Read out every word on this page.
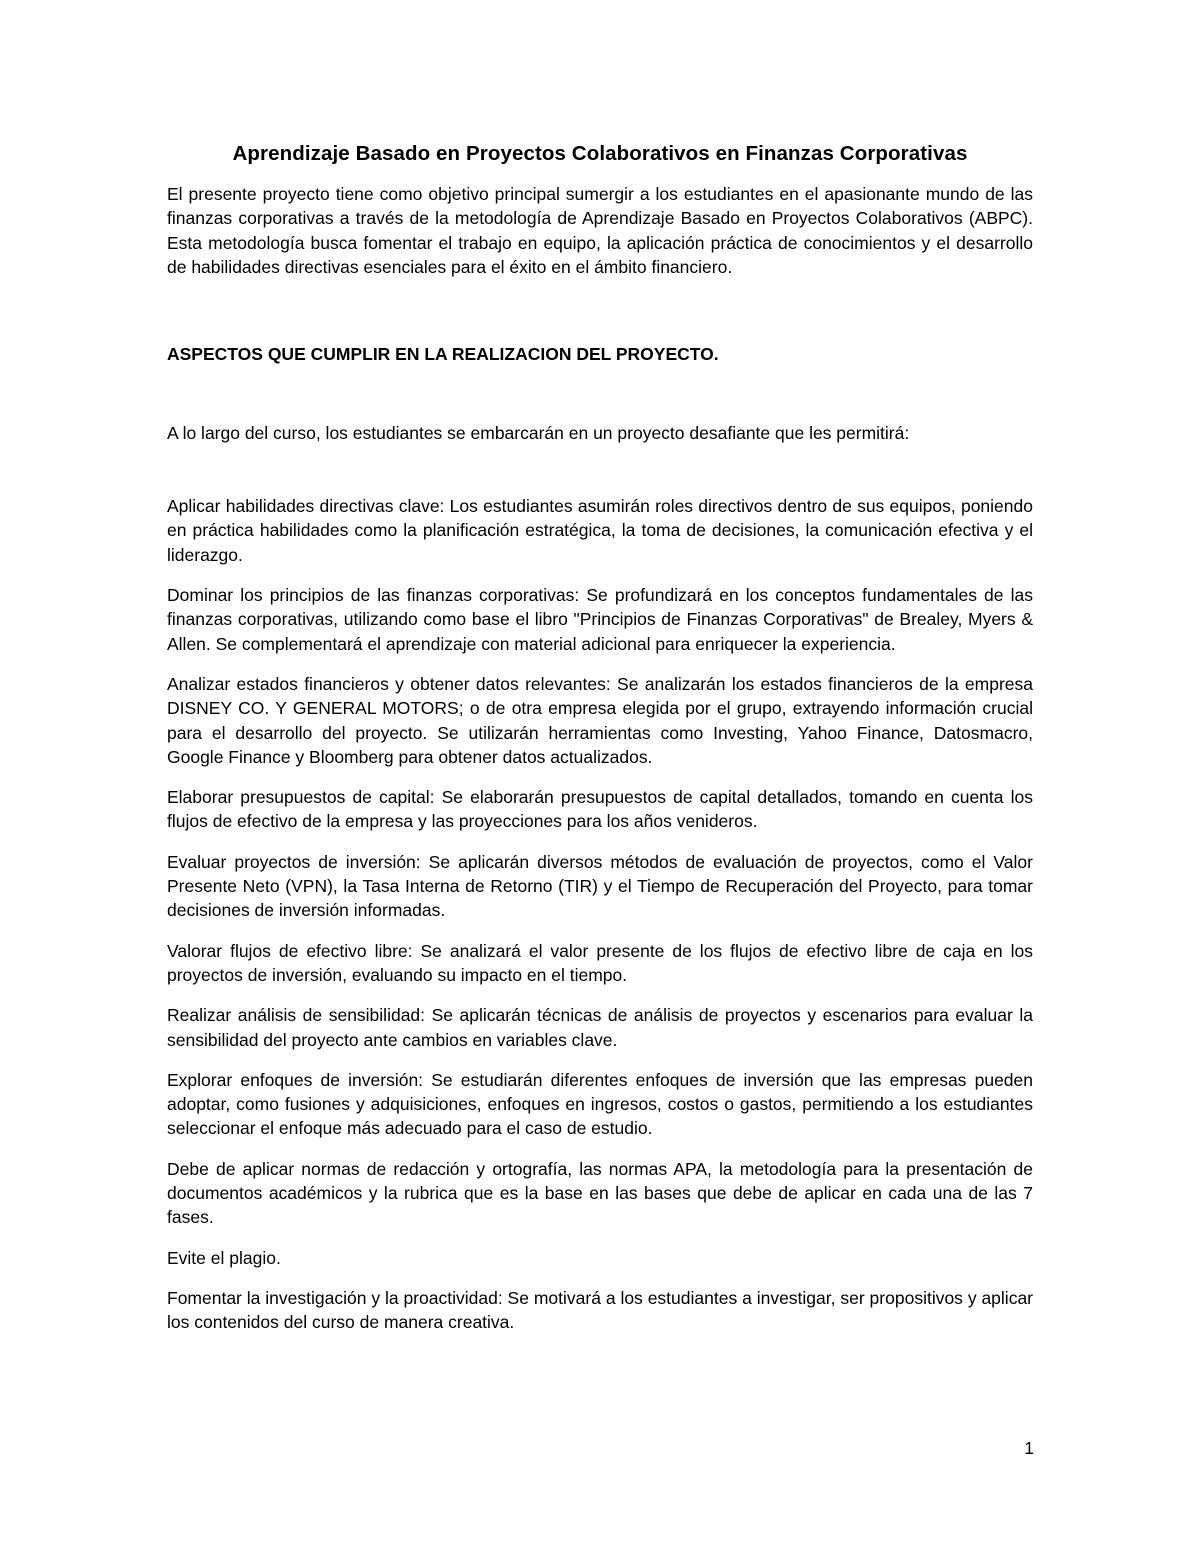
Aprendizaje Basado en Proyectos Colaborativos en Finanzas Corporativas

El presente proyecto tiene como objetivo principal sumergir a los estudiantes en el apasionante mundo de las finanzas corporativas a través de la metodología de Aprendizaje Basado en Proyectos Colaborativos (ABPC). Esta metodología busca fomentar el trabajo en equipo, la aplicación práctica de conocimientos y el desarrollo de habilidades directivas esenciales para el éxito en el ámbito financiero.

ASPECTOS QUE CUMPLIR EN LA REALIZACION DEL PROYECTO.

A lo largo del curso, los estudiantes se embarcarán en un proyecto desafiante que les permitirá:

Aplicar habilidades directivas clave: Los estudiantes asumirán roles directivos dentro de sus equipos, poniendo en práctica habilidades como la planificación estratégica, la toma de decisiones, la comunicación efectiva y el liderazgo.

Dominar los principios de las finanzas corporativas: Se profundizará en los conceptos fundamentales de las finanzas corporativas, utilizando como base el libro "Principios de Finanzas Corporativas" de Brealey, Myers & Allen. Se complementará el aprendizaje con material adicional para enriquecer la experiencia.

Analizar estados financieros y obtener datos relevantes: Se analizarán los estados financieros de la empresa DISNEY CO. Y GENERAL MOTORS; o de otra empresa elegida por el grupo, extrayendo información crucial para el desarrollo del proyecto. Se utilizarán herramientas como Investing, Yahoo Finance, Datosmacro, Google Finance y Bloomberg para obtener datos actualizados.

Elaborar presupuestos de capital: Se elaborarán presupuestos de capital detallados, tomando en cuenta los flujos de efectivo de la empresa y las proyecciones para los años venideros.

Evaluar proyectos de inversión: Se aplicarán diversos métodos de evaluación de proyectos, como el Valor Presente Neto (VPN), la Tasa Interna de Retorno (TIR) y el Tiempo de Recuperación del Proyecto, para tomar decisiones de inversión informadas.

Valorar flujos de efectivo libre: Se analizará el valor presente de los flujos de efectivo libre de caja en los proyectos de inversión, evaluando su impacto en el tiempo.

Realizar análisis de sensibilidad: Se aplicarán técnicas de análisis de proyectos y escenarios para evaluar la sensibilidad del proyecto ante cambios en variables clave.

Explorar enfoques de inversión: Se estudiarán diferentes enfoques de inversión que las empresas pueden adoptar, como fusiones y adquisiciones, enfoques en ingresos, costos o gastos, permitiendo a los estudiantes seleccionar el enfoque más adecuado para el caso de estudio.

Debe de aplicar normas de redacción y ortografía, las normas APA, la metodología para la presentación de documentos académicos y la rubrica que es la base en las bases que debe de aplicar en cada una de las 7 fases.

Evite el plagio.

Fomentar la investigación y la proactividad: Se motivará a los estudiantes a investigar, ser propositivos y aplicar los contenidos del curso de manera creativa.

1
